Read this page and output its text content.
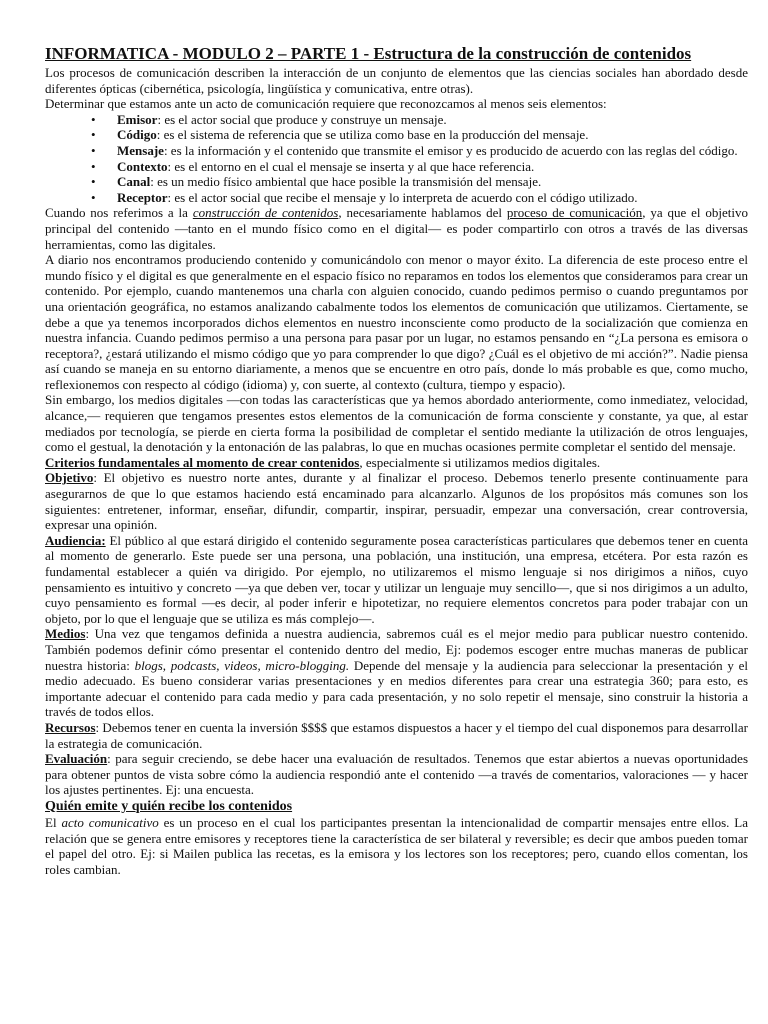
INFORMATICA - MODULO 2 – PARTE 1 - Estructura de la construcción de contenidos

Los procesos de comunicación describen la interacción de un conjunto de elementos que las ciencias sociales han abordado desde diferentes ópticas (cibernética, psicología, lingüística y comunicativa, entre otras).

Determinar que estamos ante un acto de comunicación requiere que reconozcamos al menos seis elementos:

• Emisor: es el actor social que produce y construye un mensaje.
• Código: es el sistema de referencia que se utiliza como base en la producción del mensaje.
• Mensaje: es la información y el contenido que transmite el emisor y es producido de acuerdo con las reglas del código.
• Contexto: es el entorno en el cual el mensaje se inserta y al que hace referencia.
• Canal: es un medio físico ambiental que hace posible la transmisión del mensaje.
• Receptor: es el actor social que recibe el mensaje y lo interpreta de acuerdo con el código utilizado.

Cuando nos referimos a la construcción de contenidos, necesariamente hablamos del proceso de comunicación, ya que el objetivo principal del contenido —tanto en el mundo físico como en el digital— es poder compartirlo con otros a través de las diversas herramientas, como las digitales.

A diario nos encontramos produciendo contenido y comunicándolo con menor o mayor éxito. La diferencia de este proceso entre el mundo físico y el digital es que generalmente en el espacio físico no reparamos en todos los elementos que consideramos para crear un contenido. Por ejemplo, cuando mantenemos una charla con alguien conocido, cuando pedimos permiso o cuando preguntamos por una orientación geográfica, no estamos analizando cabalmente todos los elementos de comunicación que utilizamos. Ciertamente, se debe a que ya tenemos incorporados dichos elementos en nuestro inconsciente como producto de la socialización que comienza en nuestra infancia. Cuando pedimos permiso a una persona para pasar por un lugar, no estamos pensando en “¿La persona es emisora o receptora?, ¿estará utilizando el mismo código que yo para comprender lo que digo? ¿Cuál es el objetivo de mi acción?”. Nadie piensa así cuando se maneja en su entorno diariamente, a menos que se encuentre en otro país, donde lo más probable es que, como mucho, reflexionemos con respecto al código (idioma) y, con suerte, al contexto (cultura, tiempo y espacio).

Sin embargo, los medios digitales —con todas las características que ya hemos abordado anteriormente, como inmediatez, velocidad, alcance,— requieren que tengamos presentes estos elementos de la comunicación de forma consciente y constante, ya que, al estar mediados por tecnología, se pierde en cierta forma la posibilidad de completar el sentido mediante la utilización de otros lenguajes, como el gestual, la denotación y la entonación de las palabras, lo que en muchas ocasiones permite completar el sentido del mensaje.

Criterios fundamentales al momento de crear contenidos, especialmente si utilizamos medios digitales.

Objetivo: El objetivo es nuestro norte antes, durante y al finalizar el proceso. Debemos tenerlo presente continuamente para asegurarnos de que lo que estamos haciendo está encaminado para alcanzarlo. Algunos de los propósitos más comunes son los siguientes: entretener, informar, enseñar, difundir, compartir, inspirar, persuadir, empezar una conversación, crear controversia, expresar una opinión.

Audiencia: El público al que estará dirigido el contenido seguramente posea características particulares que debemos tener en cuenta al momento de generarlo. Este puede ser una persona, una población, una institución, una empresa, etcétera. Por esta razón es fundamental establecer a quién va dirigido. Por ejemplo, no utilizaremos el mismo lenguaje si nos dirigimos a niños, cuyo pensamiento es intuitivo y concreto —ya que deben ver, tocar y utilizar un lenguaje muy sencillo—, que si nos dirigimos a un adulto, cuyo pensamiento es formal —es decir, al poder inferir e hipotetizar, no requiere elementos concretos para poder trabajar con un objeto, por lo que el lenguaje que se utiliza es más complejo—.

Medios: Una vez que tengamos definida a nuestra audiencia, sabremos cuál es el mejor medio para publicar nuestro contenido. También podemos definir cómo presentar el contenido dentro del medio, Ej: podemos escoger entre muchas maneras de publicar nuestra historia: blogs, podcasts, videos, micro-blogging. Depende del mensaje y la audiencia para seleccionar la presentación y el medio adecuado. Es bueno considerar varias presentaciones y en medios diferentes para crear una estrategia 360; para esto, es importante adecuar el contenido para cada medio y para cada presentación, y no solo repetir el mensaje, sino construir la historia a través de todos ellos.

Recursos: Debemos tener en cuenta la inversión $$$$ que estamos dispuestos a hacer y el tiempo del cual disponemos para desarrollar la estrategia de comunicación.

Evaluación: para seguir creciendo, se debe hacer una evaluación de resultados. Tenemos que estar abiertos a nuevas oportunidades para obtener puntos de vista sobre cómo la audiencia respondió ante el contenido —a través de comentarios, valoraciones — y hacer los ajustes pertinentes. Ej: una encuesta.

Quién emite y quién recibe los contenidos

El acto comunicativo es un proceso en el cual los participantes presentan la intencionalidad de compartir mensajes entre ellos. La relación que se genera entre emisores y receptores tiene la característica de ser bilateral y reversible; es decir que ambos pueden tomar el papel del otro. Ej: si Mailen publica las recetas, es la emisora y los lectores son los receptores; pero, cuando ellos comentan, los roles cambian.
